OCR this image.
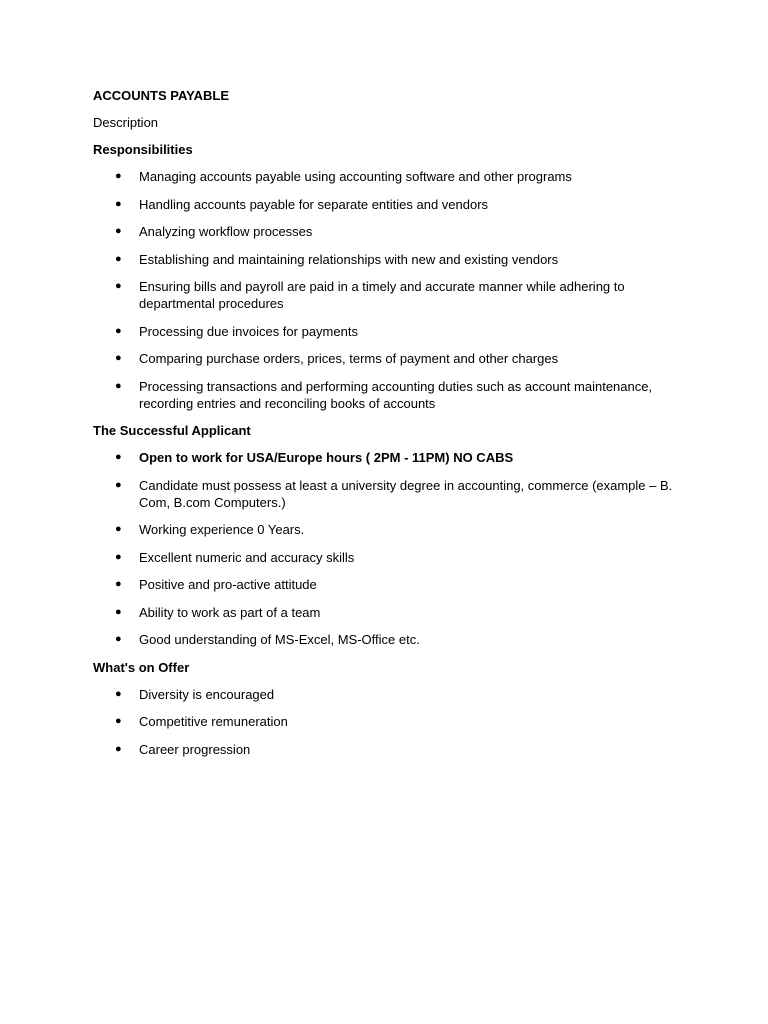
ACCOUNTS PAYABLE
Description
Responsibilities
● Managing accounts payable using accounting software and other programs
● Handling accounts payable for separate entities and vendors
● Analyzing workflow processes
● Establishing and maintaining relationships with new and existing vendors
● Ensuring bills and payroll are paid in a timely and accurate manner while adhering to departmental procedures
● Processing due invoices for payments
● Comparing purchase orders, prices, terms of payment and other charges
● Processing transactions and performing accounting duties such as account maintenance, recording entries and reconciling books of accounts
The Successful Applicant
● Open to work for USA/Europe hours ( 2PM - 11PM) NO CABS
● Candidate must possess at least a university degree in accounting, commerce (example – B. Com, B.com Computers.)
● Working experience 0 Years.
● Excellent numeric and accuracy skills
● Positive and pro-active attitude
● Ability to work as part of a team
● Good understanding of MS-Excel, MS-Office etc.
What's on Offer
● Diversity is encouraged
● Competitive remuneration
● Career progression
